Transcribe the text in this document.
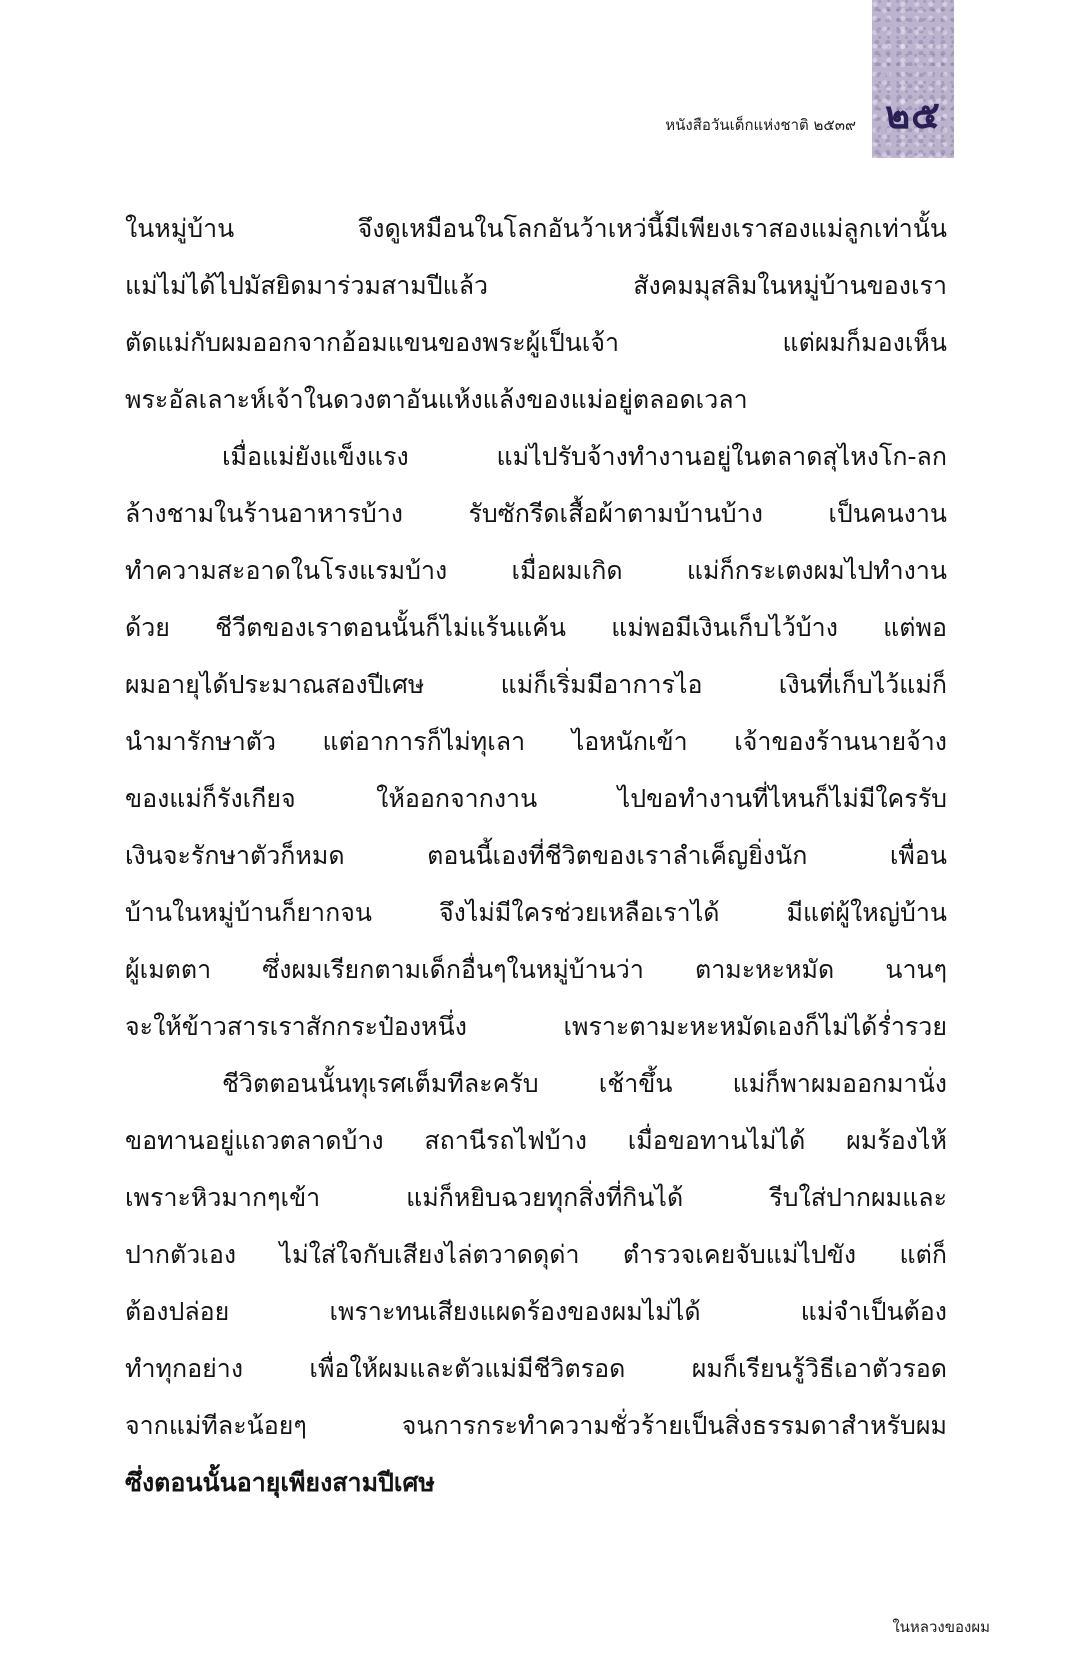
๒๕
หนังสือวันเด็กแห่งชาติ ๒๕๓๙
ในหมู่บ้าน จึงดูเหมือนในโลกอันว้าเหว่นี้มีเพียงเราสองแม่ลูกเท่านั้น
แม่ไม่ได้ไปมัสยิดมาร่วมสามปีแล้ว สังคมมุสลิมในหมู่บ้านของเรา
ตัดแม่กับผมออกจากอ้อมแขนของพระผู้เป็นเจ้า แต่ผมก็มองเห็น
พระอัลเลาะห์เจ้าในดวงตาอันแห้งแล้งของแม่อยู่ตลอดเวลา
เมื่อแม่ยังแข็งแรง แม่ไปรับจ้างทำงานอยู่ในตลาดสุไหงโก-ลก
ล้างชามในร้านอาหารบ้าง รับซักรีดเสื้อผ้าตามบ้านบ้าง เป็นคนงาน
ทำความสะอาดในโรงแรมบ้าง เมื่อผมเกิด แม่ก็กระเตงผมไปทำงาน
ด้วย ชีวีตของเราตอนนั้นก็ไม่แร้นแค้น แม่พอมีเงินเก็บไว้บ้าง แต่พอ
ผมอายุได้ประมาณสองปีเศษ แม่ก็เริ่มมีอาการไอ เงินที่เก็บไว้แม่ก็
นำมารักษาตัว แต่อาการก็ไม่ทุเลา ไอหนักเข้า เจ้าของร้านนายจ้าง
ของแม่ก็รังเกียจ ให้ออกจากงาน ไปขอทำงานที่ไหนก็ไม่มีใครรับ
เงินจะรักษาตัวก็หมด ตอนนี้เองที่ชีวิตของเราลำเค็ญยิ่งนัก เพื่อน
บ้านในหมู่บ้านก็ยากจน จึงไม่มีใครช่วยเหลือเราได้ มีแต่ผู้ใหญ่บ้าน
ผู้เมตตา ซึ่งผมเรียกตามเด็กอื่นๆในหมู่บ้านว่า ตามะหะหมัด นานๆ
จะให้ข้าวสารเราสักกระป๋องหนึ่ง เพราะตามะหะหมัดเองก็ไม่ได้ร่ำรวย
ชีวิตตอนนั้นทุเรศเต็มทีละครับ เช้าขึ้น แม่ก็พาผมออกมานั่ง
ขอทานอยู่แถวตลาดบ้าง สถานีรถไฟบ้าง เมื่อขอทานไม่ได้ ผมร้องไห้
เพราะหิวมากๆเข้า แม่ก็หยิบฉวยทุกสิ่งที่กินได้ รีบใส่ปากผมและ
ปากตัวเอง ไม่ใส่ใจกับเสียงไล่ตวาดดุด่า ตำรวจเคยจับแม่ไปขัง แต่ก็
ต้องปล่อย เพราะทนเสียงแผดร้องของผมไม่ได้ แม่จำเป็นต้อง
ทำทุกอย่าง เพื่อให้ผมและตัวแม่มีชีวิตรอด ผมก็เรียนรู้วิธีเอาตัวรอด
จากแม่ทีละน้อยๆ จนการกระทำความชั่วร้ายเป็นสิ่งธรรมดาสำหรับผม
ซึ่งตอนนั้นอายุเพียงสามปีเศษ
ในหลวงของผม
